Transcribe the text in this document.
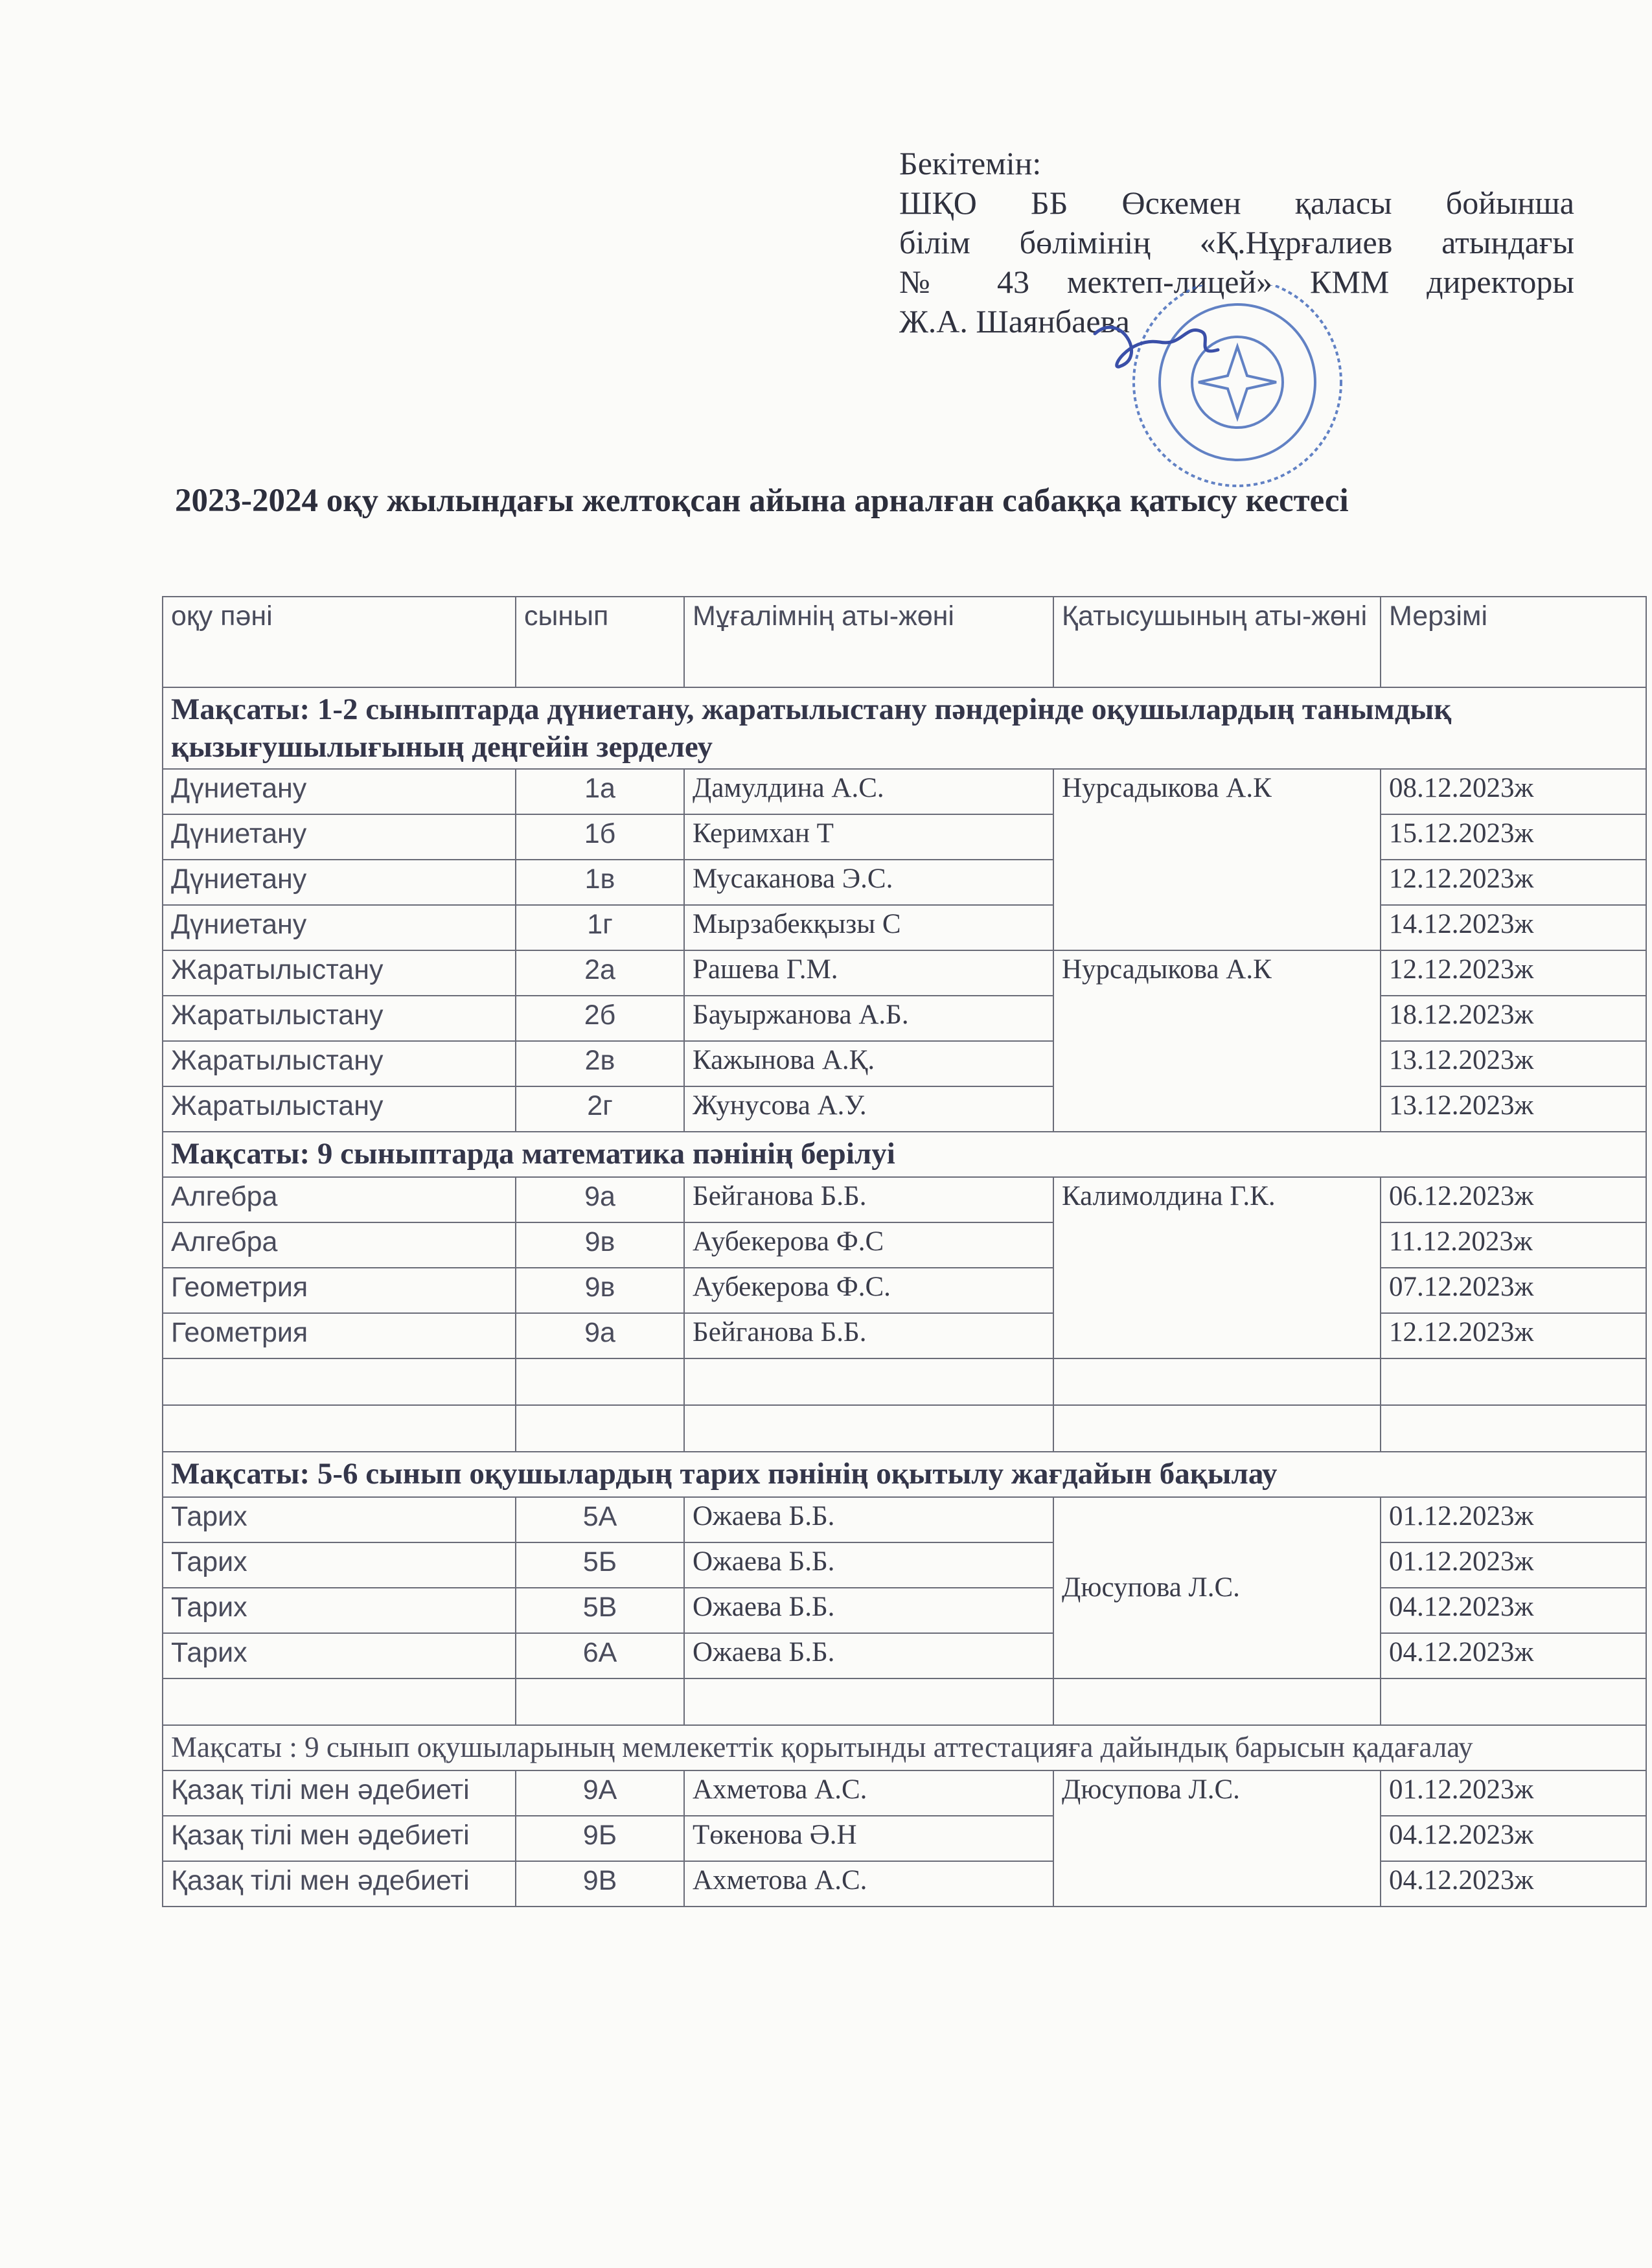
Бекітемін:
ШҚО ББ Өскемен қаласы бойынша
білім бөлімінің «Қ.Нұрғалиев атындағы
№ 43 мектеп-лицей» КММ директоры
Ж.А. Шаянбаева
2023-2024 оқу жылындағы желтоқсан айына арналған сабаққа қатысу кестесі
оқу пәні	сынып	Мұғалімнің аты-жөні	Қатысушының аты-жөні	Мерзімі
Мақсаты: 1-2 сыныптарда дүниетану, жаратылыстану пәндерінде оқушылардың танымдық қызығушылығының деңгейін зерделеу				
Дүниетану	1а	Дамулдина А.С.	Нурсадыкова А.К	08.12.2023ж
Дүниетану	1б	Керимхан Т		15.12.2023ж
Дүниетану	1в	Мусаканова Э.С.		12.12.2023ж
Дүниетану	1г	Мырзабекқызы С		14.12.2023ж
Жаратылыстану	2а	Рашева Г.М.	Нурсадыкова А.К	12.12.2023ж
Жаратылыстану	2б	Бауыржанова А.Б.		18.12.2023ж
Жаратылыстану	2в	Кажынова А.Қ.		13.12.2023ж
Жаратылыстану	2г	Жунусова А.У.		13.12.2023ж
Мақсаты: 9 сыныптарда математика пәнінің берілуі				
Алгебра	9а	Бейганова Б.Б.	Калимолдина Г.К.	06.12.2023ж
Алгебра	9в	Аубекерова Ф.С		11.12.2023ж
Геометрия	9в	Аубекерова Ф.С.		07.12.2023ж
Геометрия	9а	Бейганова Б.Б.		12.12.2023ж

Мақсаты: 5-6 сынып оқушылардың тарих пәнінің оқытылу жағдайын бақылау				
Тарих	5А	Ожаева Б.Б.	Дюсупова Л.С.	01.12.2023ж
Тарих	5Б	Ожаева Б.Б.		01.12.2023ж
Тарих	5В	Ожаева Б.Б.		04.12.2023ж
Тарих	6А	Ожаева Б.Б.		04.12.2023ж

Мақсаты : 9 сынып оқушыларының мемлекеттік қорытынды аттестацияға дайындық барысын қадағалау				
Қазақ тілі мен әдебиеті	9А	Ахметова А.С.	Дюсупова Л.С.	01.12.2023ж
Қазақ тілі мен әдебиеті	9Б	Төкенова Ә.Н		04.12.2023ж
Қазақ тілі мен әдебиеті	9В	Ахметова А.С.		04.12.2023ж
